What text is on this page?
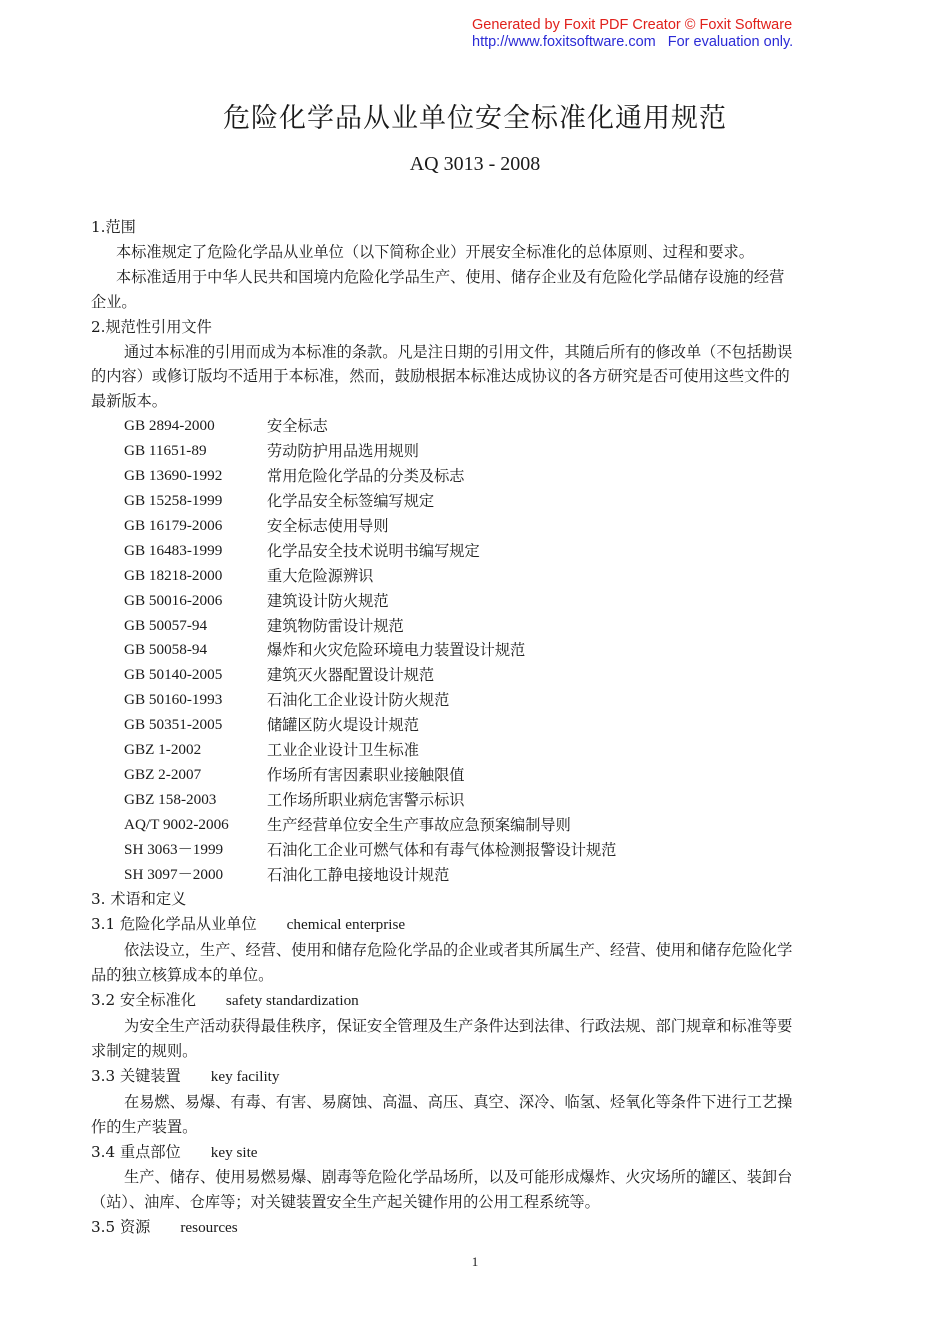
Generated by Foxit PDF Creator © Foxit Software
http://www.foxitsoftware.com For evaluation only.
危险化学品从业单位安全标准化通用规范
AQ 3013 - 2008
1.范围
本标准规定了危险化学品从业单位（以下简称企业）开展安全标准化的总体原则、过程和要求。
本标准适用于中华人民共和国境内危险化学品生产、使用、储存企业及有危险化学品储存设施的经营
企业。
2.规范性引用文件
通过本标准的引用而成为本标准的条款。凡是注日期的引用文件，其随后所有的修改单（不包括勘误
的内容）或修订版均不适用于本标准，然而，鼓励根据本标准达成协议的各方研究是否可使用这些文件的
最新版本。
GB 2894-2000	安全标志
GB 11651-89	劳动防护用品选用规则
GB 13690-1992	常用危险化学品的分类及标志
GB 15258-1999	化学品安全标签编写规定
GB 16179-2006	安全标志使用导则
GB 16483-1999	化学品安全技术说明书编写规定
GB 18218-2000	重大危险源辨识
GB 50016-2006	建筑设计防火规范
GB 50057-94	建筑物防雷设计规范
GB 50058-94	爆炸和火灾危险环境电力装置设计规范
GB 50140-2005	建筑灭火器配置设计规范
GB 50160-1993	石油化工企业设计防火规范
GB 50351-2005	储罐区防火堤设计规范
GBZ 1-2002	工业企业设计卫生标准
GBZ 2-2007	作场所有害因素职业接触限值
GBZ 158-2003	工作场所职业病危害警示标识
AQ/T 9002-2006	生产经营单位安全生产事故应急预案编制导则
SH 3063－1999	石油化工企业可燃气体和有毒气体检测报警设计规范
SH 3097－2000	石油化工静电接地设计规范
3. 术语和定义
3.1 危险化学品从业单位 chemical enterprise
依法设立，生产、经营、使用和储存危险化学品的企业或者其所属生产、经营、使用和储存危险化学
品的独立核算成本的单位。
3.2 安全标准化 safety standardization
为安全生产活动获得最佳秩序，保证安全管理及生产条件达到法律、行政法规、部门规章和标准等要
求制定的规则。
3.3 关键装置 key facility
在易燃、易爆、有毒、有害、易腐蚀、高温、高压、真空、深冷、临氢、烃氧化等条件下进行工艺操
作的生产装置。
3.4 重点部位 key site
生产、储存、使用易燃易爆、剧毒等危险化学品场所，以及可能形成爆炸、火灾场所的罐区、装卸台
（站）、油库、仓库等；对关键装置安全生产起关键作用的公用工程系统等。
3.5 资源 resources
1
